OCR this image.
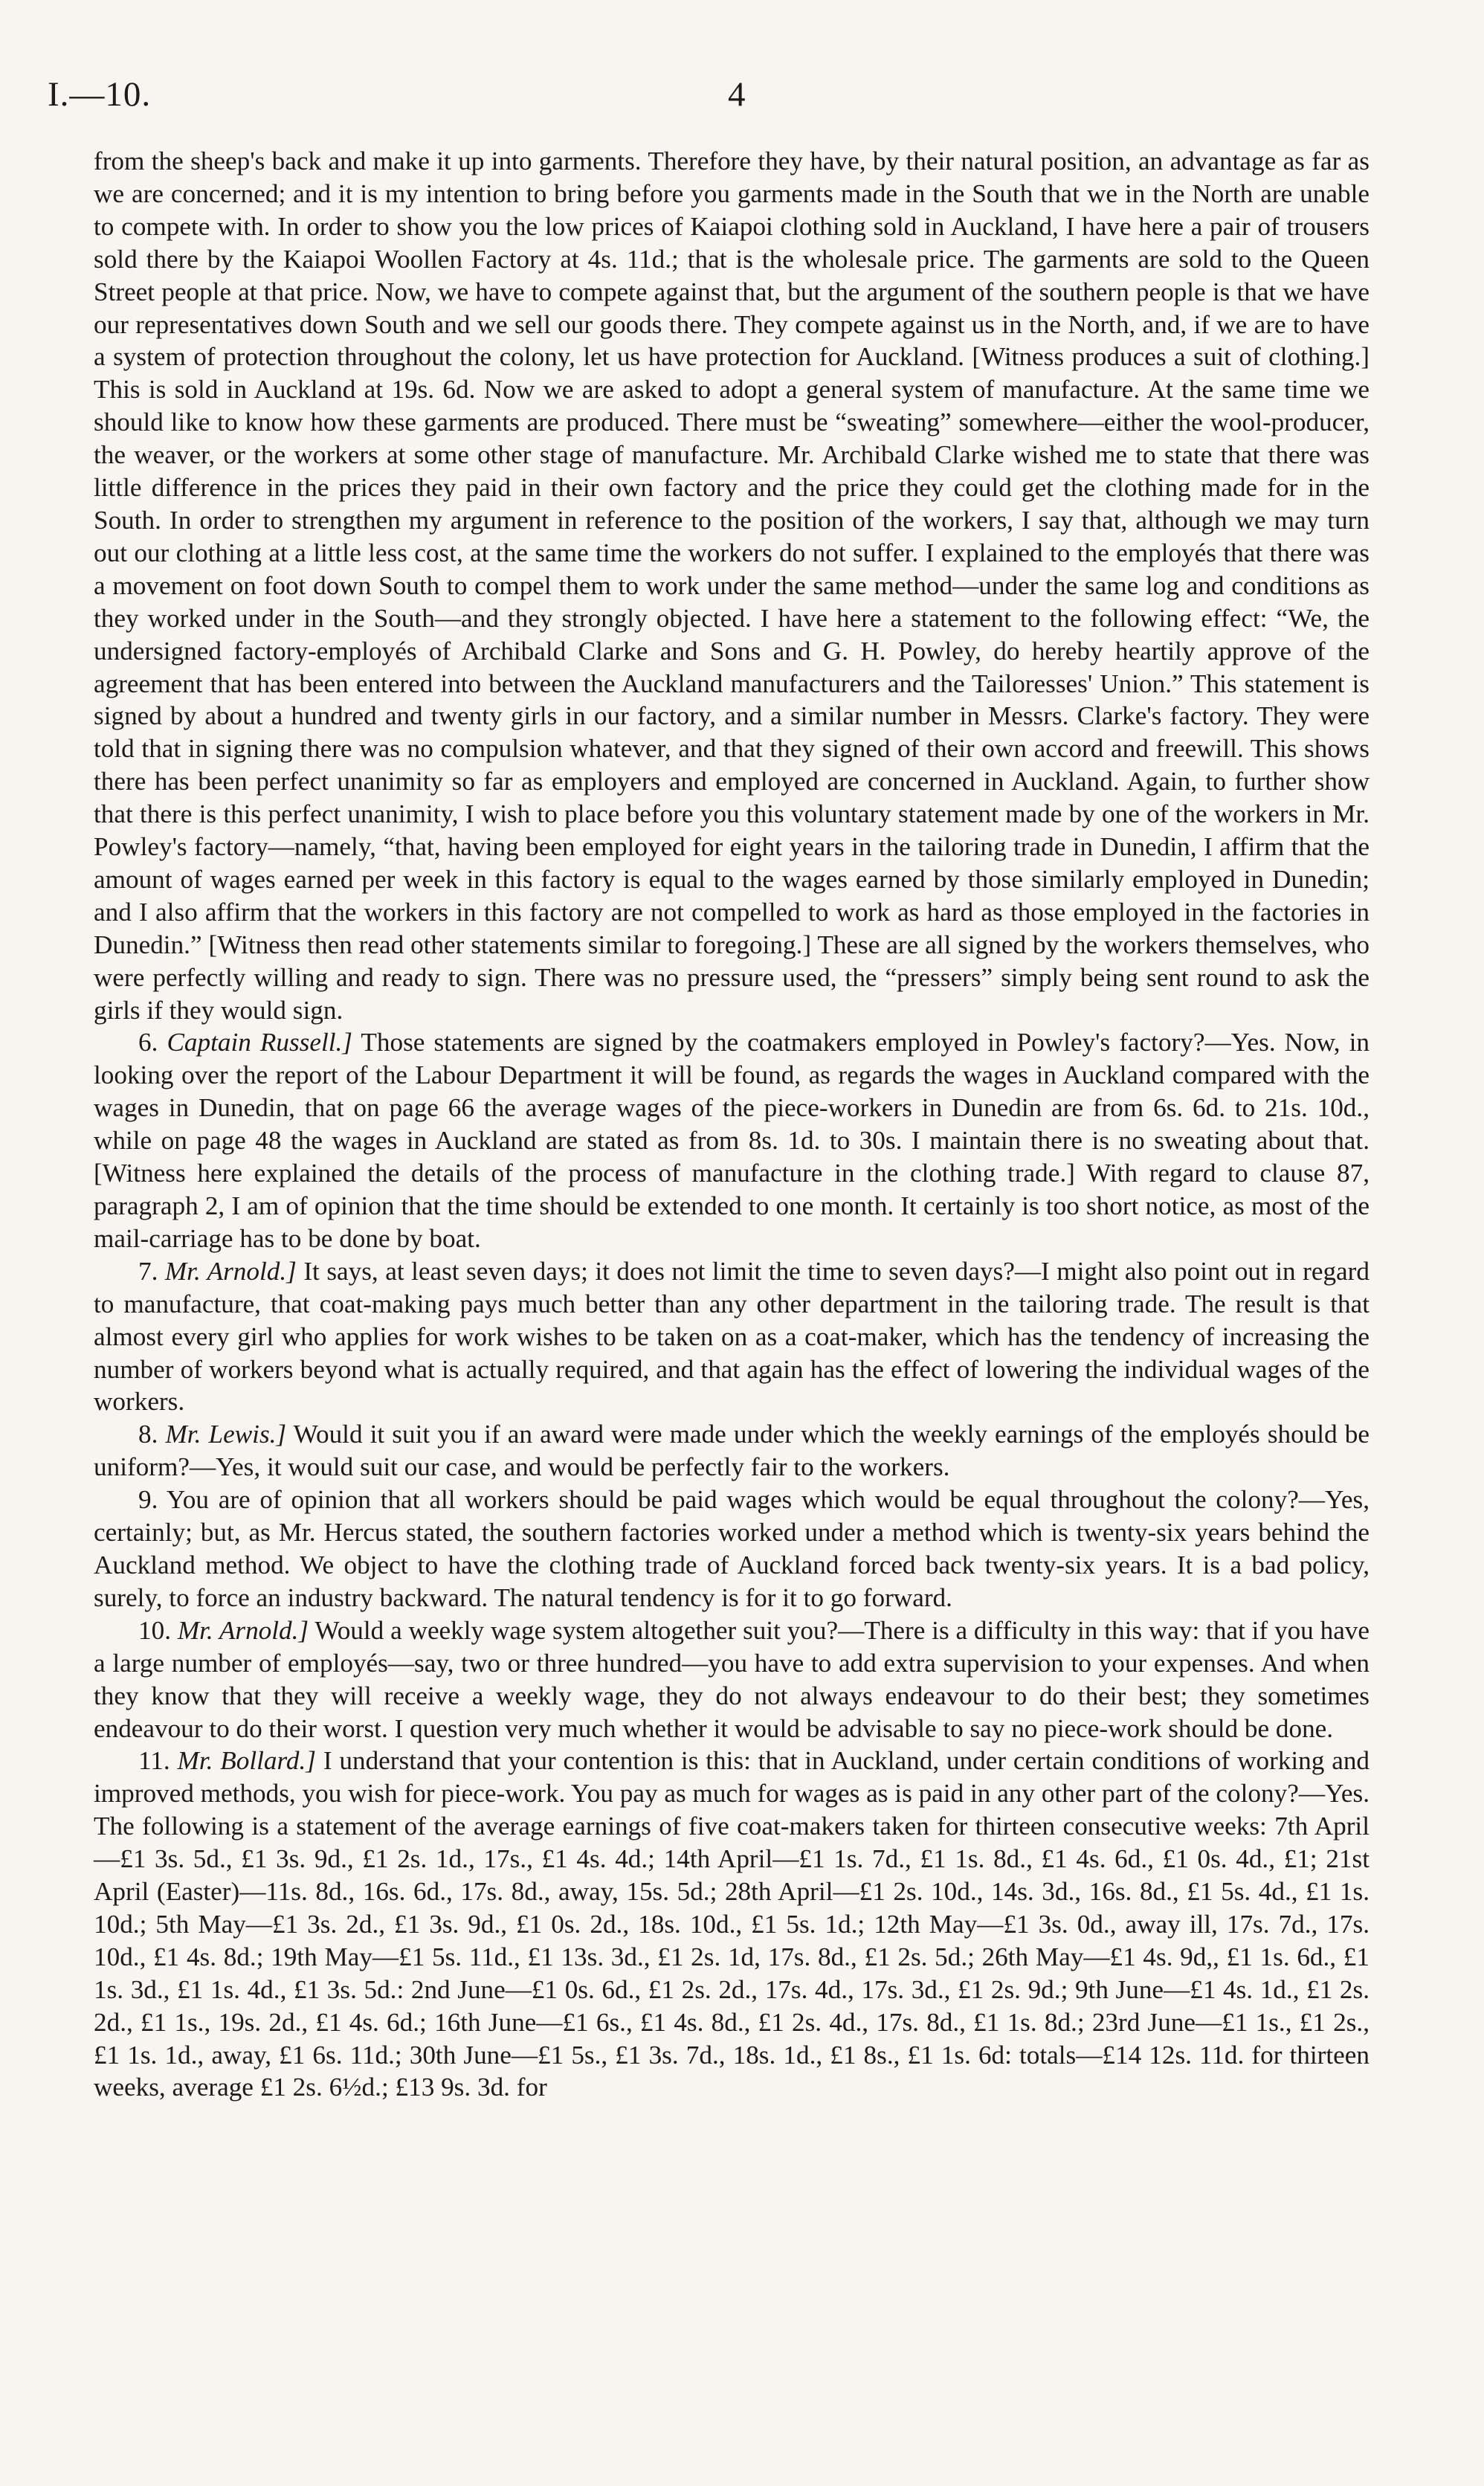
I.—10.	4

from the sheep's back and make it up into garments. Therefore they have, by their natural position, an advantage as far as we are concerned; and it is my intention to bring before you garments made in the South that we in the North are unable to compete with. In order to show you the low prices of Kaiapoi clothing sold in Auckland, I have here a pair of trousers sold there by the Kaiapoi Woollen Factory at 4s. 11d.; that is the wholesale price. The garments are sold to the Queen Street people at that price. Now, we have to compete against that, but the argument of the southern people is that we have our representatives down South and we sell our goods there. They compete against us in the North, and, if we are to have a system of protection throughout the colony, let us have protection for Auckland. [Witness produces a suit of clothing.] This is sold in Auckland at 19s. 6d. Now we are asked to adopt a general system of manufacture. At the same time we should like to know how these garments are produced. There must be “sweating” somewhere—either the wool-producer, the weaver, or the workers at some other stage of manufacture. Mr. Archibald Clarke wished me to state that there was little difference in the prices they paid in their own factory and the price they could get the clothing made for in the South. In order to strengthen my argument in reference to the position of the workers, I say that, although we may turn out our clothing at a little less cost, at the same time the workers do not suffer. I explained to the employés that there was a movement on foot down South to compel them to work under the same method—under the same log and conditions as they worked under in the South—and they strongly objected. I have here a statement to the following effect: “We, the undersigned factory-employés of Archibald Clarke and Sons and G. H. Powley, do hereby heartily approve of the agreement that has been entered into between the Auckland manufacturers and the Tailoresses' Union.” This statement is signed by about a hundred and twenty girls in our factory, and a similar number in Messrs. Clarke's factory. They were told that in signing there was no compulsion whatever, and that they signed of their own accord and freewill. This shows there has been perfect unanimity so far as employers and employed are concerned in Auckland. Again, to further show that there is this perfect unanimity, I wish to place before you this voluntary statement made by one of the workers in Mr. Powley's factory—namely, “that, having been employed for eight years in the tailoring trade in Dunedin, I affirm that the amount of wages earned per week in this factory is equal to the wages earned by those similarly employed in Dunedin; and I also affirm that the workers in this factory are not compelled to work as hard as those employed in the factories in Dunedin.” [Witness then read other statements similar to foregoing.] These are all signed by the workers themselves, who were perfectly willing and ready to sign. There was no pressure used, the “pressers” simply being sent round to ask the girls if they would sign.

6. Captain Russell.] Those statements are signed by the coatmakers employed in Powley's factory?—Yes. Now, in looking over the report of the Labour Department it will be found, as regards the wages in Auckland compared with the wages in Dunedin, that on page 66 the average wages of the piece-workers in Dunedin are from 6s. 6d. to 21s. 10d., while on page 48 the wages in Auckland are stated as from 8s. 1d. to 30s. I maintain there is no sweating about that. [Witness here explained the details of the process of manufacture in the clothing trade.] With regard to clause 87, paragraph 2, I am of opinion that the time should be extended to one month. It certainly is too short notice, as most of the mail-carriage has to be done by boat.

7. Mr. Arnold.] It says, at least seven days; it does not limit the time to seven days?—I might also point out in regard to manufacture, that coat-making pays much better than any other department in the tailoring trade. The result is that almost every girl who applies for work wishes to be taken on as a coat-maker, which has the tendency of increasing the number of workers beyond what is actually required, and that again has the effect of lowering the individual wages of the workers.

8. Mr. Lewis.] Would it suit you if an award were made under which the weekly earnings of the employés should be uniform?—Yes, it would suit our case, and would be perfectly fair to the workers.

9. You are of opinion that all workers should be paid wages which would be equal throughout the colony?—Yes, certainly; but, as Mr. Hercus stated, the southern factories worked under a method which is twenty-six years behind the Auckland method. We object to have the clothing trade of Auckland forced back twenty-six years. It is a bad policy, surely, to force an industry backward. The natural tendency is for it to go forward.

10. Mr. Arnold.] Would a weekly wage system altogether suit you?—There is a difficulty in this way: that if you have a large number of employés—say, two or three hundred—you have to add extra supervision to your expenses. And when they know that they will receive a weekly wage, they do not always endeavour to do their best; they sometimes endeavour to do their worst. I question very much whether it would be advisable to say no piece-work should be done.

11. Mr. Bollard.] I understand that your contention is this: that in Auckland, under certain conditions of working and improved methods, you wish for piece-work. You pay as much for wages as is paid in any other part of the colony?—Yes. The following is a statement of the average earnings of five coat-makers taken for thirteen consecutive weeks: 7th April—£1 3s. 5d., £1 3s. 9d., £1 2s. 1d., 17s., £1 4s. 4d.; 14th April—£1 1s. 7d., £1 1s. 8d., £1 4s. 6d., £1 0s. 4d., £1; 21st April (Easter)—11s. 8d., 16s. 6d., 17s. 8d., away, 15s. 5d.; 28th April—£1 2s. 10d., 14s. 3d., 16s. 8d., £1 5s. 4d., £1 1s. 10d.; 5th May—£1 3s. 2d., £1 3s. 9d., £1 0s. 2d., 18s. 10d., £1 5s. 1d.; 12th May—£1 3s. 0d., away ill, 17s. 7d., 17s. 10d., £1 4s. 8d.; 19th May—£1 5s. 11d., £1 13s. 3d., £1 2s. 1d, 17s. 8d., £1 2s. 5d.; 26th May—£1 4s. 9d,, £1 1s. 6d., £1 1s. 3d., £1 1s. 4d., £1 3s. 5d.: 2nd June—£1 0s. 6d., £1 2s. 2d., 17s. 4d., 17s. 3d., £1 2s. 9d.; 9th June—£1 4s. 1d., £1 2s. 2d., £1 1s., 19s. 2d., £1 4s. 6d.; 16th June—£1 6s., £1 4s. 8d., £1 2s. 4d., 17s. 8d., £1 1s. 8d.; 23rd June—£1 1s., £1 2s., £1 1s. 1d., away, £1 6s. 11d.; 30th June—£1 5s., £1 3s. 7d., 18s. 1d., £1 8s., £1 1s. 6d: totals—£14 12s. 11d. for thirteen weeks, average £1 2s. 6½d.; £13 9s. 3d. for
